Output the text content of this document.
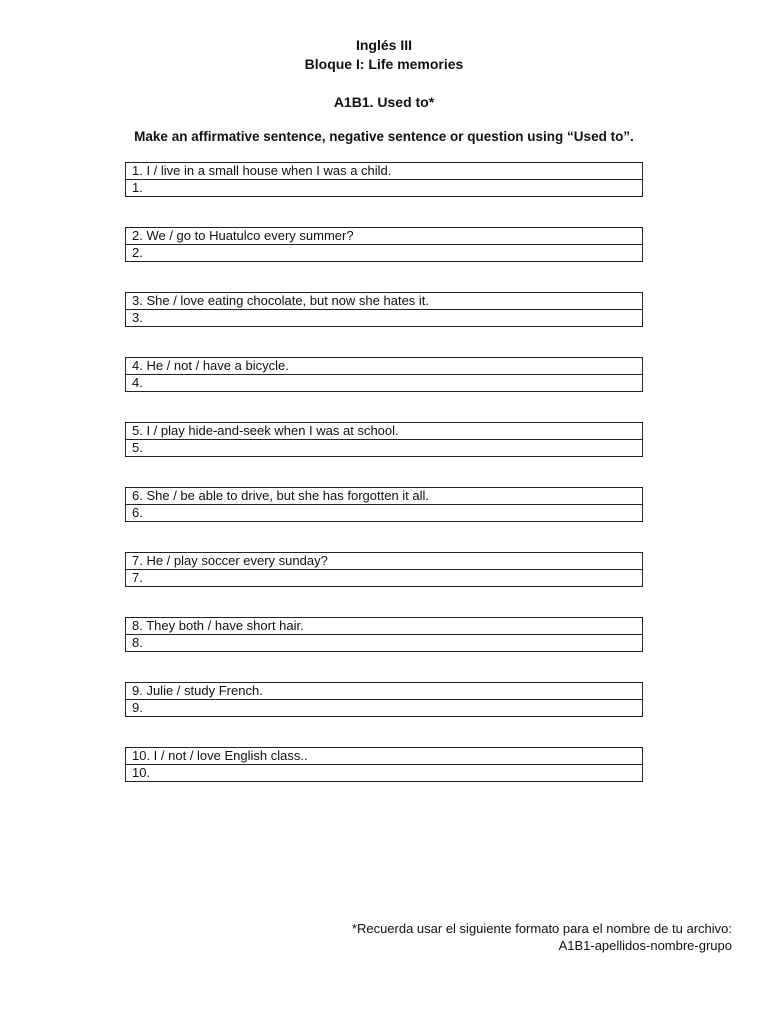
Inglés III
Bloque I: Life memories
A1B1. Used to*
Make an affirmative sentence, negative sentence or question using “Used to”.
1. I / live in a small house when I was a child.
1.
2. We / go to Huatulco every summer?
2.
3. She / love eating chocolate, but now she hates it.
3.
4. He / not / have a bicycle.
4.
5. I / play hide-and-seek when I was at school.
5.
6. She / be able to drive, but she has forgotten it all.
6.
7. He / play soccer every sunday?
7.
8. They both / have short hair.
8.
9. Julie / study French.
9.
10. I / not / love English class..
10.
*Recuerda usar el siguiente formato para el nombre de tu archivo:
A1B1-apellidos-nombre-grupo
